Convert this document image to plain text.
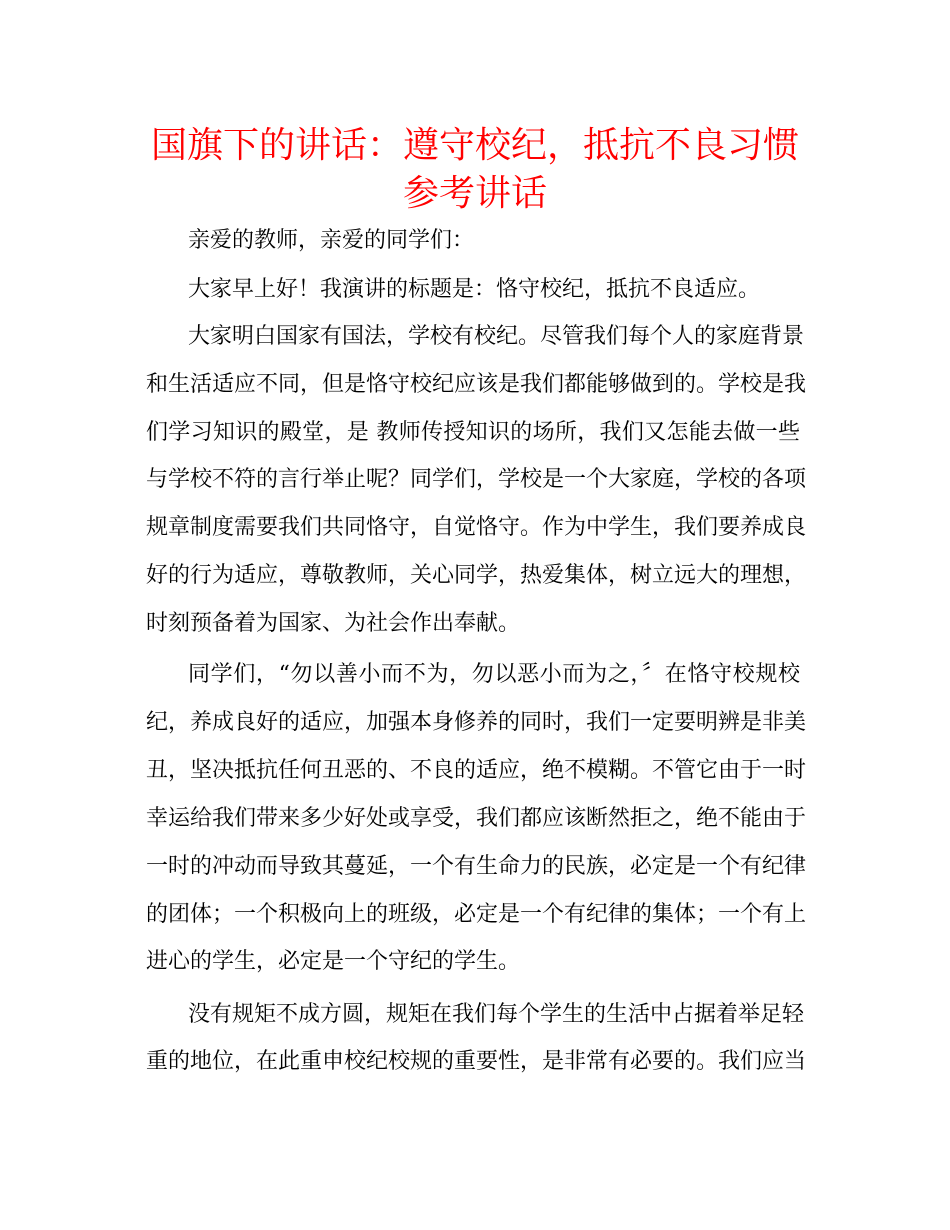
国旗下的讲话：遵守校纪，抵抗不良习惯
参考讲话

亲爱的教师，亲爱的同学们：

大家早上好！我演讲的标题是：恪守校纪，抵抗不良适应。

大家明白国家有国法，学校有校纪。尽管我们每个人的家庭背景

和生活适应不同，但是恪守校纪应该是我们都能够做到的。学校是我

们学习知识的殿堂，是 教师传授知识的场所，我们又怎能去做一些

与学校不符的言行举止呢？同学们，学校是一个大家庭，学校的各项

规章制度需要我们共同恪守，自觉恪守。作为中学生，我们要养成良

好的行为适应，尊敬教师，关心同学，热爱集体，树立远大的理想，

时刻预备着为国家、为社会作出奉献。

同学们，“勿以善小而不为，勿以恶小而为之，〞在恪守校规校

纪，养成良好的适应，加强本身修养的同时，我们一定要明辨是非美

丑，坚决抵抗任何丑恶的、不良的适应，绝不模糊。不管它由于一时

幸运给我们带来多少好处或享受，我们都应该断然拒之，绝不能由于

一时的冲动而导致其蔓延，一个有生命力的民族，必定是一个有纪律

的团体；一个积极向上的班级，必定是一个有纪律的集体；一个有上

进心的学生，必定是一个守纪的学生。

没有规矩不成方圆，规矩在我们每个学生的生活中占据着举足轻

重的地位，在此重申校纪校规的重要性，是非常有必要的。我们应当
